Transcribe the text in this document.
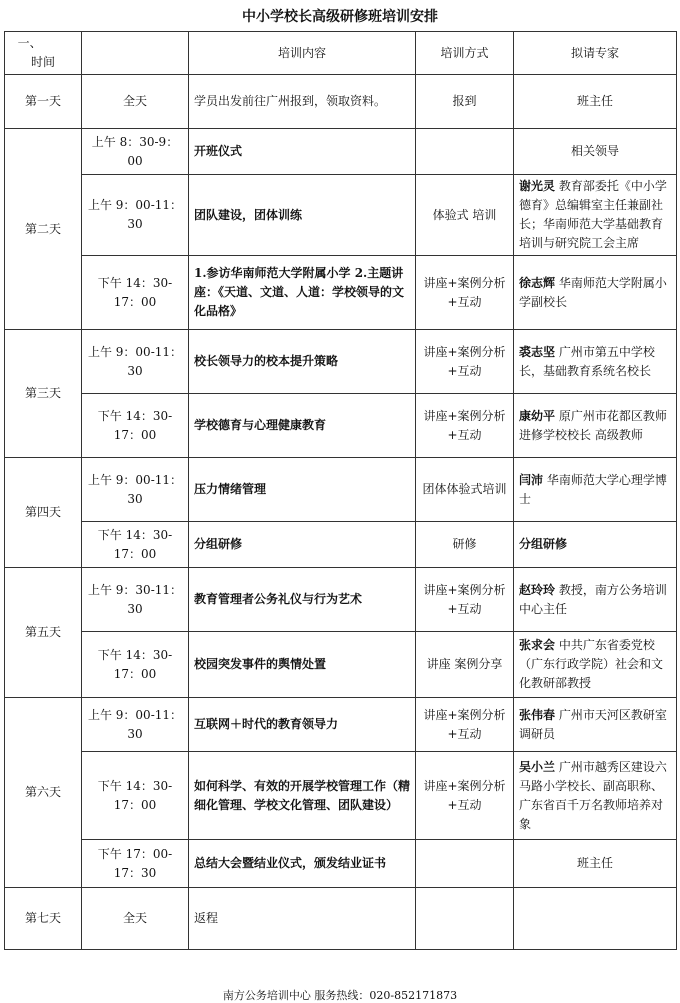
中小学校长高级研修班培训安排
一、        时间		培训内容	培训方式	拟请专家
第一天	全天	学员出发前往广州报到，领取资料。	报到	班主任
第二天	上午 8：30-9：00	开班仪式		相关领导
	上午 9：00-11：30	团队建设，团体训练	体验式 培训	谢光灵 教育部委托《中小学德育》总编辑室主任兼副社长；华南师范大学基础教育培训与研究院工会主席
	下午 14：30-17：00	1.参访华南师范大学附属小学 2.主题讲座：《天道、文道、人道：学校领导的文化品格》	讲座+案例分析 +互动	徐志辉 华南师范大学附属小学副校长
第三天	上午 9：00-11：30	校长领导力的校本提升策略	讲座+案例分析 +互动	裘志坚 广州市第五中学校长，基础教育系统名校长
	下午 14：30-17：00	学校德育与心理健康教育	讲座+案例分析 +互动	康幼平 原广州市花都区教师进修学校校长 高级教师
第四天	上午 9：00-11：30	压力情绪管理	团体体验式培训	闫沛 华南师范大学心理学博士
	下午 14：30-17：00	分组研修	研修	分组研修
第五天	上午 9：30-11：30	教育管理者公务礼仪与行为艺术	讲座+案例分析 +互动	赵玲玲 教授，南方公务培训中心主任
	下午 14：30-17：00	校园突发事件的舆情处置	讲座 案例分享	张求会 中共广东省委党校（广东行政学院）社会和文化教研部教授
第六天	上午 9：00-11：30	互联网＋时代的教育领导力	讲座+案例分析 +互动	张伟春 广州市天河区教研室调研员
	下午 14：30-17：00	如何科学、有效的开展学校管理工作（精细化管理、学校文化管理、团队建设）	讲座+案例分析 +互动	吴小兰 广州市越秀区建设六马路小学校长、副高职称、广东省百千万名教师培养对象
	下午 17：00-17：30	总结大会暨结业仪式，颁发结业证书		班主任
第七天	全天	返程		
南方公务培训中心 服务热线：020-852171873
